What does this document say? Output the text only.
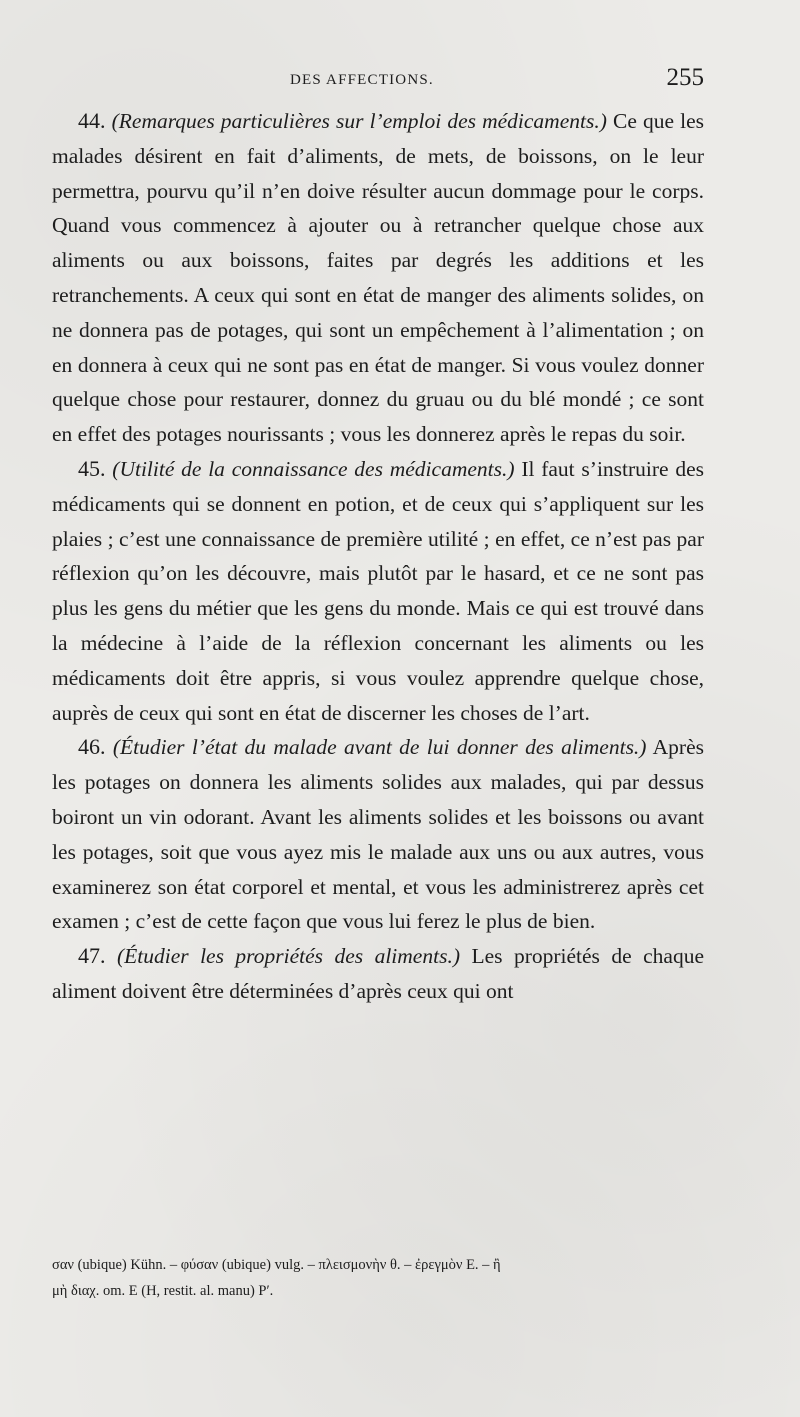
DES AFFECTIONS.	255

44. (Remarques particulières sur l’emploi des médicaments.) Ce que les malades désirent en fait d’aliments, de mets, de boissons, on le leur permettra, pourvu qu’il n’en doive résulter aucun dommage pour le corps. Quand vous commencez à ajouter ou à retrancher quelque chose aux aliments ou aux boissons, faites par degrés les additions et les retranchements. A ceux qui sont en état de manger des aliments solides, on ne donnera pas de potages, qui sont un empêchement à l’alimentation ; on en donnera à ceux qui ne sont pas en état de manger. Si vous voulez donner quelque chose pour restaurer, donnez du gruau ou du blé mondé ; ce sont en effet des potages nourissants ; vous les donnerez après le repas du soir.

45. (Utilité de la connaissance des médicaments.) Il faut s’instruire des médicaments qui se donnent en potion, et de ceux qui s’appliquent sur les plaies ; c’est une connaissance de première utilité ; en effet, ce n’est pas par réflexion qu’on les découvre, mais plutôt par le hasard, et ce ne sont pas plus les gens du métier que les gens du monde. Mais ce qui est trouvé dans la médecine à l’aide de la réflexion concernant les aliments ou les médicaments doit être appris, si vous voulez apprendre quelque chose, auprès de ceux qui sont en état de discerner les choses de l’art.

46. (Étudier l’état du malade avant de lui donner des aliments.) Après les potages on donnera les aliments solides aux malades, qui par dessus boiront un vin odorant. Avant les aliments solides et les boissons ou avant les potages, soit que vous ayez mis le malade aux uns ou aux autres, vous examinerez son état corporel et mental, et vous les administrerez après cet examen ; c’est de cette façon que vous lui ferez le plus de bien.

47. (Étudier les propriétés des aliments.) Les propriétés de chaque aliment doivent être déterminées d’après ceux qui ont

σαν (ubique) Kühn. – φύσαν (ubique) vulg. – πλεισμονὴν θ. – ἐρεγμὸν E. – ἢ

μὴ διαχ. om. E (H, restit. al. manu) P′.
